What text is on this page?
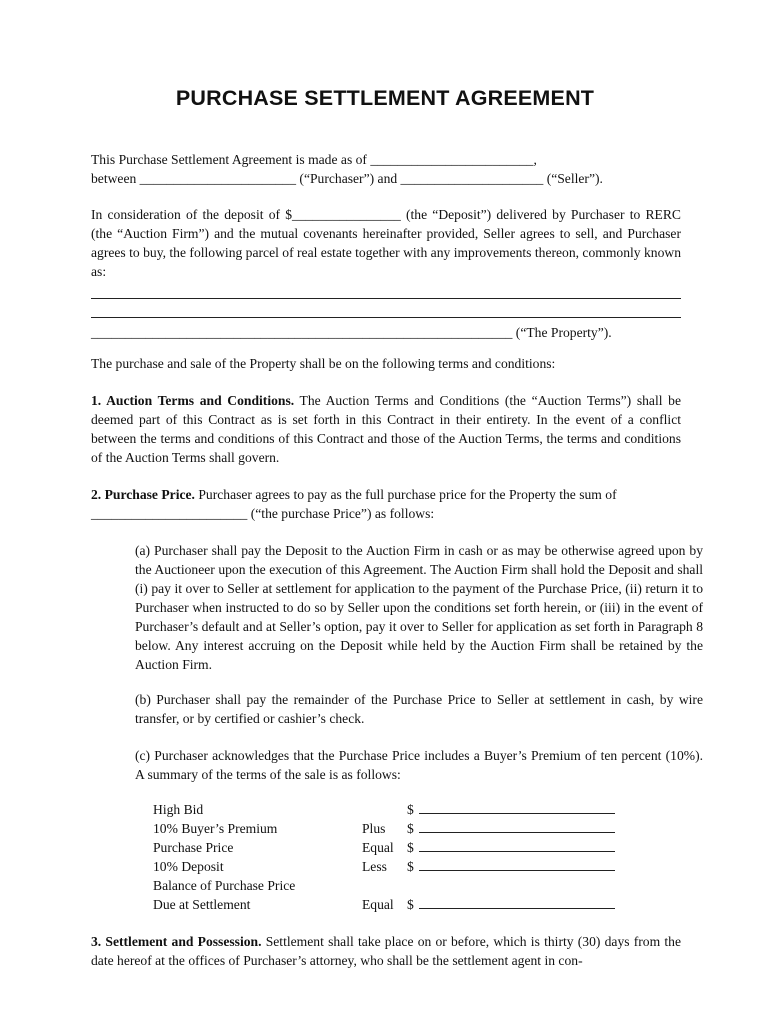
PURCHASE SETTLEMENT AGREEMENT
This Purchase Settlement Agreement is made as of ________________________,
between _______________________ (“Purchaser”) and _____________________ (“Seller”).

In consideration of the deposit of $________________ (the “Deposit”) delivered by Purchaser to RERC (the “Auction Firm”) and the mutual covenants hereinafter provided, Seller agrees to sell, and Purchaser agrees to buy, the following parcel of real estate together with any improvements thereon, commonly known as:

______________________________________________________________ (“The Property”).

The purchase and sale of the Property shall be on the following terms and conditions:

1. Auction Terms and Conditions. The Auction Terms and Conditions (the “Auction Terms”) shall be deemed part of this Contract as is set forth in this Contract in their entirety. In the event of a conflict between the terms and conditions of this Contract and those of the Auction Terms, the terms and conditions of the Auction Terms shall govern.

2. Purchase Price. Purchaser agrees to pay as the full purchase price for the Property the sum of

_______________________ (“the purchase Price”) as follows:

(a) Purchaser shall pay the Deposit to the Auction Firm in cash or as may be otherwise agreed upon by the Auctioneer upon the execution of this Agreement. The Auction Firm shall hold the Deposit and shall (i) pay it over to Seller at settlement for application to the payment of the Purchase Price, (ii) return it to Purchaser when instructed to do so by Seller upon the conditions set forth herein, or (iii) in the event of Purchaser’s default and at Seller’s option, pay it over to Seller for application as set forth in Paragraph 8 below. Any interest accruing on the Deposit while held by the Auction Firm shall be retained by the Auction Firm.

(b) Purchaser shall pay the remainder of the Purchase Price to Seller at settlement in cash, by wire transfer, or by certified or cashier’s check.

(c) Purchaser acknowledges that the Purchase Price includes a Buyer’s Premium of ten percent (10%). A summary of the terms of the sale is as follows:

High Bid	$
10% Buyer’s Premium	Plus $
Purchase Price	Equal $
10% Deposit	Less $
Balance of Purchase Price
Due at Settlement	Equal $

3. Settlement and Possession. Settlement shall take place on or before, which is thirty (30) days from the date hereof at the offices of Purchaser’s attorney, who shall be the settlement agent in con-
